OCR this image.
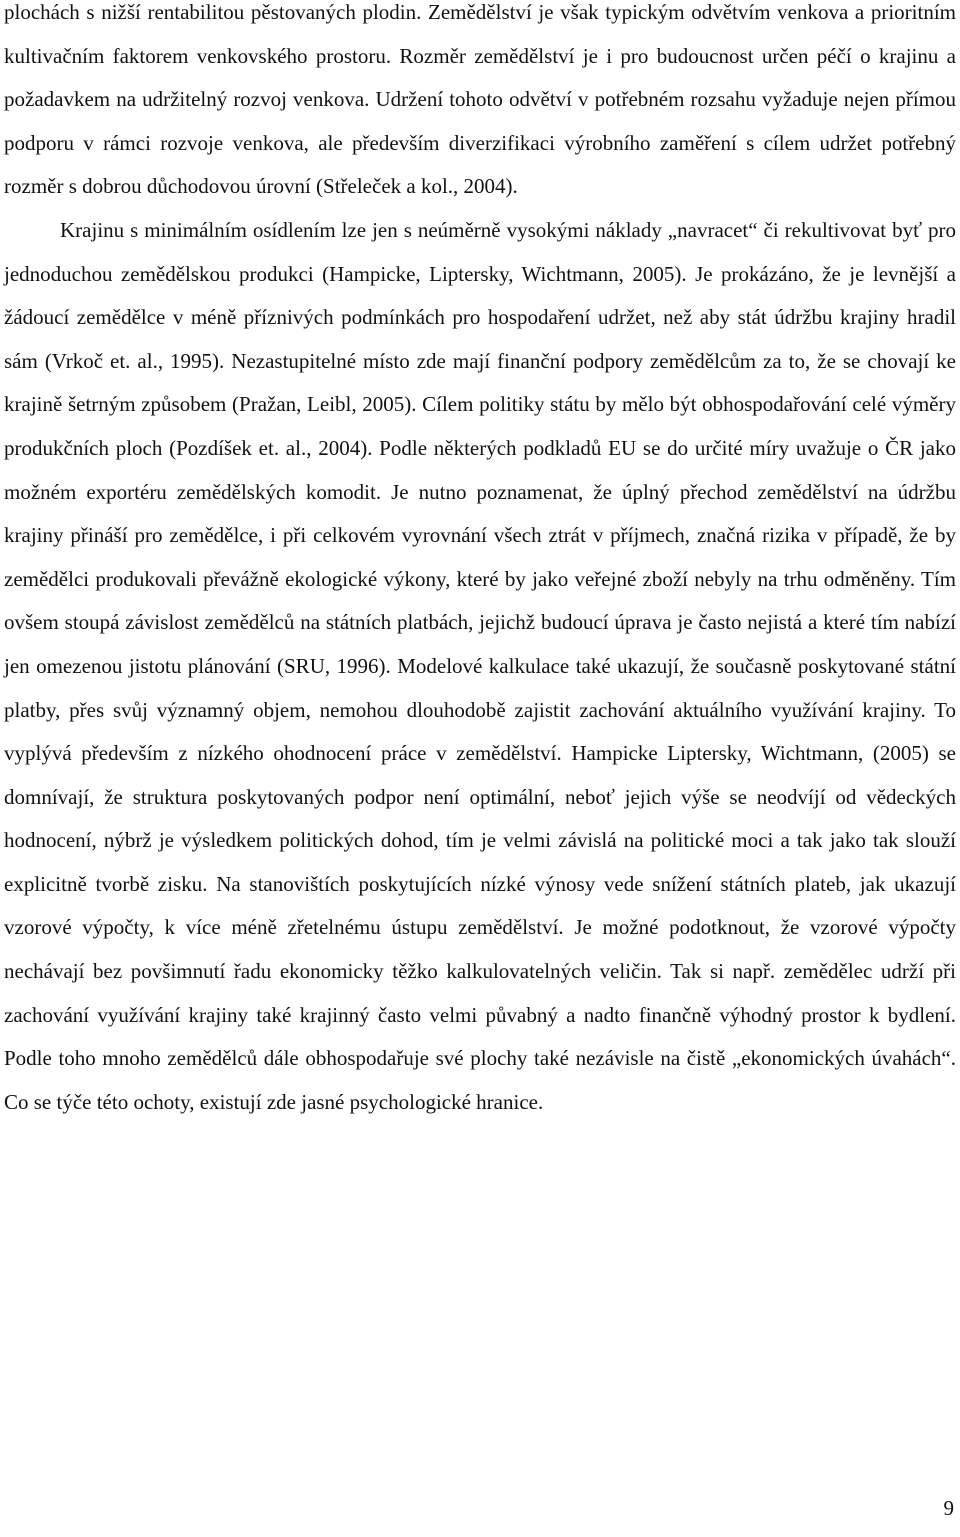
plochách s nižší rentabilitou pěstovaných plodin. Zemědělství je však typickým odvětvím venkova a prioritním kultivačním faktorem venkovského prostoru. Rozměr zemědělství je i pro budoucnost určen péčí o krajinu a požadavkem na udržitelný rozvoj venkova. Udržení tohoto odvětví v potřebném rozsahu vyžaduje nejen přímou podporu v rámci rozvoje venkova, ale především diverzifikaci výrobního zaměření s cílem udržet potřebný rozměr s dobrou důchodovou úrovní (Střeleček a kol., 2004).

Krajinu s minimálním osídlením lze jen s neúměrně vysokými náklady „navracet“ či rekultivovat byť pro jednoduchou zemědělskou produkci (Hampicke, Liptersky, Wichtmann, 2005). Je prokázáno, že je levnější a žádoucí zemědělce v méně příznivých podmínkách pro hospodaření udržet, než aby stát údržbu krajiny hradil sám (Vrkoč et. al., 1995). Nezastupitelné místo zde mají finanční podpory zemědělcům za to, že se chovají ke krajině šetrným způsobem (Pražan, Leibl, 2005). Cílem politiky státu by mělo být obhospodařování celé výměry produkčních ploch (Pozdíšek et. al., 2004). Podle některých podkladů EU se do určité míry uvažuje o ČR jako možném exportéru zemědělských komodit. Je nutno poznamenat, že úplný přechod zemědělství na údržbu krajiny přináší pro zemědělce, i při celkovém vyrovnání všech ztrát v příjmech, značná rizika v případě, že by zemědělci produkovali převážně ekologické výkony, které by jako veřejné zboží nebyly na trhu odměněny. Tím ovšem stoupá závislost zemědělců na státních platbách, jejichž budoucí úprava je často nejistá a které tím nabízí jen omezenou jistotu plánování (SRU, 1996). Modelové kalkulace také ukazují, že současně poskytované státní platby, přes svůj významný objem, nemohou dlouhodobě zajistit zachování aktuálního využívání krajiny. To vyplývá především z nízkého ohodnocení práce v zemědělství. Hampicke Liptersky, Wichtmann, (2005) se domnívají, že struktura poskytovaných podpor není optimální, neboť jejich výše se neodvíjí od vědeckých hodnocení, nýbrž je výsledkem politických dohod, tím je velmi závislá na politické moci a tak jako tak slouží explicitně tvorbě zisku. Na stanovištích poskytujících nízké výnosy vede snížení státních plateb, jak ukazují vzorové výpočty, k více méně zřetelnému ústupu zemědělství. Je možné podotknout, že vzorové výpočty nechávají bez povšimnutí řadu ekonomicky těžko kalkulovatelných veličin. Tak si např. zemědělec udrží při zachování využívání krajiny také krajinný často velmi půvabný a nadto finančně výhodný prostor k bydlení. Podle toho mnoho zemědělců dále obhospodařuje své plochy také nezávisle na čistě „ekonomických úvahách“. Co se týče této ochoty, existují zde jasné psychologické hranice.

9
